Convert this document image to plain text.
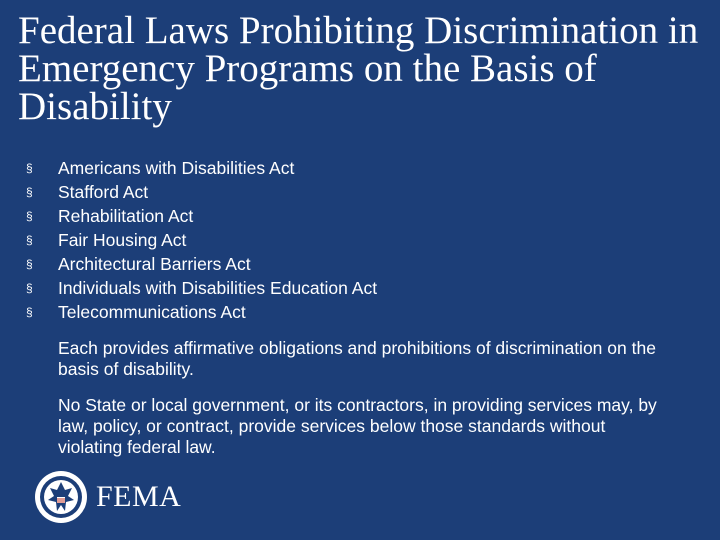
Federal Laws Prohibiting Discrimination in Emergency Programs on the Basis of Disability
§	Americans with Disabilities Act
§	Stafford Act
§	Rehabilitation Act
§	Fair Housing Act
§	Architectural Barriers Act
§	Individuals with Disabilities Education Act
§	Telecommunications Act

Each provides affirmative obligations and prohibitions of discrimination on the basis of disability.

No State or local government, or its contractors, in providing services may, by law, policy, or contract, provide services below those standards without violating federal law.

FEMA
